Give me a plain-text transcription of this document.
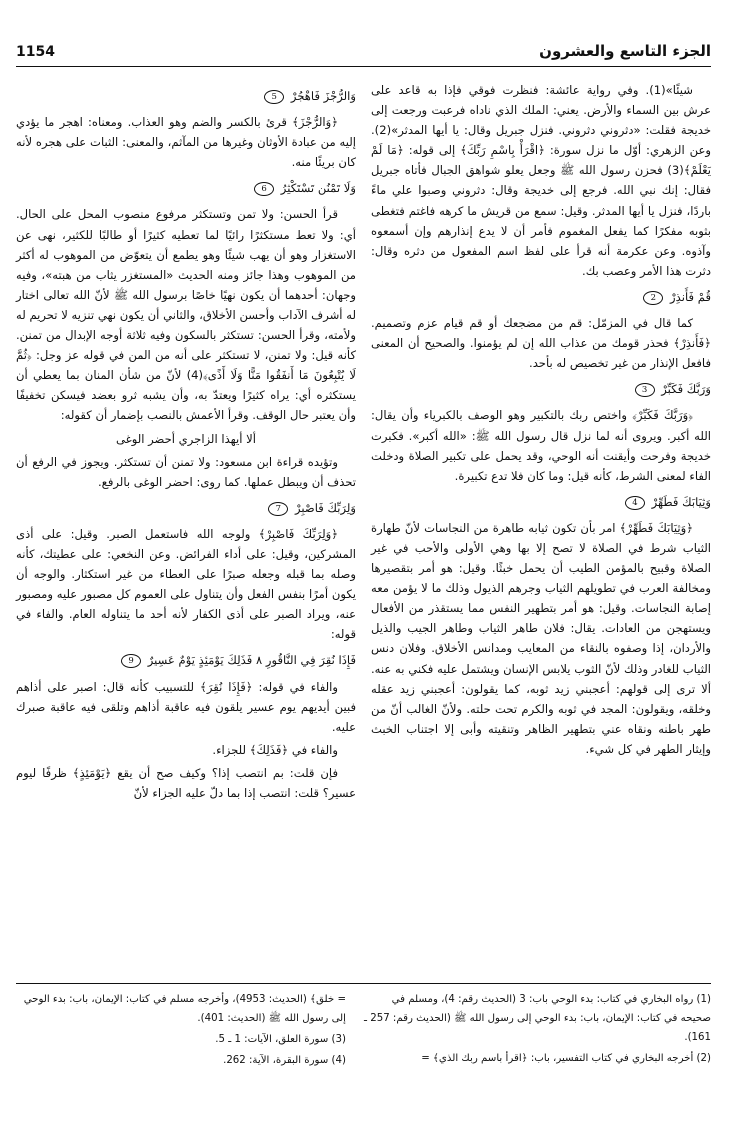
1154	الجزء التاسع والعشرون

شيئًا»(1). وفي رواية عائشة: فنظرت فوقي فإذا به قاعد على عرش بين السماء والأرض. يعني: الملك الذي ناداه فرعبت ورجعت إلى خديجة فقلت: «دثروني دثروني. فنزل جبريل وقال: يا أيها المدثر»(2). وعن الزهري: أوّل ما نزل سورة: ﴿اقْرَأْ بِاسْمِ رَبِّكَ﴾ إلى قوله: ﴿مَا لَمْ يَعْلَمْ﴾(3) فحزن رسول الله ﷺ وجعل يعلو شواهق الجبال فأتاه جبريل فقال: إنك نبي الله. فرجع إلى خديجة وقال: دثروني وصبوا علي ماءً باردًا، فنزل يا أيها المدثر. وقيل: سمع من قريش ما كرهه فاغتم فتغطى بثوبه مفكرًا كما يفعل المغموم فأمر أن لا يدع إنذارهم وإن أسمعوه وآذوه. وعن عكرمة أنه قرأ على لفظ اسم المفعول من دثره وقال: دثرت هذا الأمر وعصب بك.

قُمْ فَأَنذِرْ 2

كما قال في المزمّل: قم من مضجعك أو قم قيام عزم وتصميم. ﴿فَأَنذِرْ﴾ فحذر قومك من عذاب الله إن لم يؤمنوا. والصحيح أن المعنى فافعل الإنذار من غير تخصيص له بأحد.

وَرَبَّكَ فَكَبِّرْ 3

﴿وَرَبَّكَ فَكَبِّرْ﴾ واختص ربك بالتكبير وهو الوصف بالكبرياء وأن يقال: الله أكبر. ويروى أنه لما نزل قال رسول الله ﷺ: «الله أكبر». فكبرت خديجة وفرحت وأيقنت أنه الوحي، وقد يحمل على تكبير الصلاة ودخلت الفاء لمعنى الشرط، كأنه قيل: وما كان فلا تدع تكبيرة.

وَثِيَابَكَ فَطَهِّرْ 4

﴿وَثِيَابَكَ فَطَهِّرْ﴾ امر بأن تكون ثيابه طاهرة من النجاسات لأنّ طهارة الثياب شرط في الصلاة لا تصح إلا بها وهي الأولى والأحب في غير الصلاة وقبيح بالمؤمن الطيب أن يحمل خبثًا. وقيل: هو أمر بتقصيرها ومخالفة العرب في تطويلهم الثياب وجرهم الذيول وذلك ما لا يؤمن معه إصابة النجاسات. وقيل: هو أمر بتطهير النفس مما يستقذر من الأفعال ويستهجن من العادات. يقال: فلان طاهر الثياب وطاهر الجيب والذيل والأردان، إذا وصفوه بالنقاء من المعايب ومدانس الأخلاق. وفلان دنس الثياب للغادر وذلك لأنّ الثوب يلابس الإنسان ويشتمل عليه فكني به عنه. ألا ترى إلى قولهم: أعجبني زيد ثوبه، كما يقولون: أعجبني زيد عقله وخلقه، ويقولون: المجد في ثوبه والكرم تحت حلته. ولأنّ الغالب أنّ من طهر باطنه ونقاه عني بتطهير الظاهر وتنقيته وأبى إلا اجتناب الخبث وإيثار الطهر في كل شيء.

وَالرُّجْزَ فَاهْجُرْ 5

﴿وَالرُّجْزَ﴾ قرئ بالكسر والضم وهو العذاب. ومعناه: اهجر ما يؤدي إليه من عبادة الأوثان وغيرها من المآثم، والمعنى: الثبات على هجره لأنه كان بريئًا منه.

وَلَا تَمْنُن تَسْتَكْثِرُ 6

قرأ الحسن: ولا تمن وتستكثر مرفوع منصوب المحل على الحال. أي: ولا تعط مستكثرًا رائيًا لما تعطيه كثيرًا أو طالبًا للكثير، نهى عن الاستغزار وهو أن يهب شيئًا وهو يطمع أن يتعوّض من الموهوب له أكثر من الموهوب وهذا جائز ومنه الحديث «المستغزر يثاب من هبته»، وفيه وجهان: أحدهما أن يكون نهيًا خاصًا برسول الله ﷺ لأنّ الله تعالى اختار له أشرف الآداب وأحسن الأخلاق، والثاني أن يكون نهي تنزيه لا تحريم له ولأمته، وقرأ الحسن: تستكثر بالسكون وفيه ثلاثة أوجه الإبدال من تمنن. كأنه قيل: ولا تمنن، لا تستكثر على أنه من المن في قوله عز وجل: ﴿ثُمَّ لَا يُتْبِعُونَ مَا أَنفَقُوا مَنًّا وَلَا أَذًى﴾(4) لأنّ من شأن المنان بما يعطي أن يستكثره أي: يراه كثيرًا ويعتدّ به، وأن يشبه ثرو بعضد فيسكن تخفيفًا وأن يعتبر حال الوقف. وقرأ الأعمش بالنصب بإضمار أن كقوله:

ألا أيهذا الزاجري أحضر الوغى

وتؤيده قراءة ابن مسعود: ولا تمنن أن تستكثر. ويجوز في الرفع أن تحذف أن ويبطل عملها. كما روى: احضر الوغى بالرفع.

وَلِرَبِّكَ فَاصْبِرْ 7

﴿وَلِرَبِّكَ فَاصْبِرْ﴾ ولوجه الله فاستعمل الصبر. وقيل: على أذى المشركين، وقيل: على أداء الفرائض. وعن النخعي: على عطيتك، كأنه وصله بما قبله وجعله صبرًا على العطاء من غير استكثار. والوجه أن يكون أمرًا بنفس الفعل وأن يتناول على العموم كل مصبور عليه ومصبور عنه، ويراد الصبر على أذى الكفار لأنه أحد ما يتناوله العام. والفاء في قوله:

فَإِذَا نُقِرَ فِي النَّاقُورِ ٨ فَذَلِكَ يَوْمَئِذٍ يَوْمٌ عَسِيرٌ 9

والفاء في قوله: ﴿فَإِذَا نُقِرَ﴾ للتسبيب كأنه قال: اصبر على أذاهم فبين أيديهم يوم عسير يلقون فيه عاقبة أذاهم وتلقى فيه عاقبة صبرك عليه.

والفاء في ﴿فَذَلِكَ﴾ للجزاء.

فإن قلت: بم انتصب إذا؟ وكيف صح أن يقع ﴿يَوْمَئِذٍ﴾ ظرفًا ليوم عسير؟ قلت: انتصب إذا بما دلّ عليه الجزاء لأنّ

(1) رواه البخاري في كتاب: بدء الوحي باب: 3 (الحديث رقم: 4)، ومسلم في صحيحه في كتاب: الإيمان، باب: بدء الوحي إلى رسول الله ﷺ (الحديث رقم: 257 ـ 161).

(2) أخرجه البخاري في كتاب التفسير، باب: ﴿اقرأ باسم ربك الذي﴾ =

= خلق﴾ (الحديث: 4953)، وأخرجه مسلم في كتاب: الإيمان، باب: بدء الوحي إلى رسول الله ﷺ (الحديث: 401).

(3) سورة العلق، الآيات: 1 ـ 5.

(4) سورة البقرة، الآية: 262.
